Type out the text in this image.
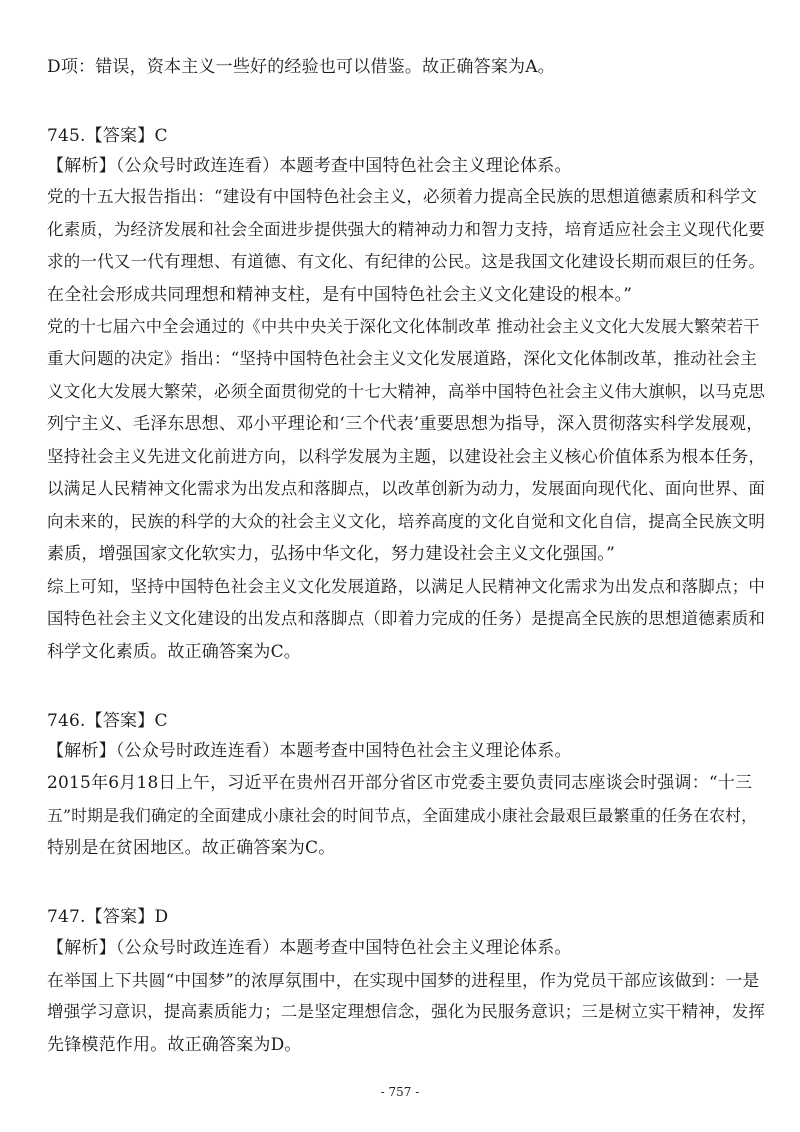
D项：错误，资本主义一些好的经验也可以借鉴。故正确答案为A。
745.【答案】C
【解析】（公众号时政连连看）本题考查中国特色社会主义理论体系。
党的十五大报告指出：“建设有中国特色社会主义，必须着力提高全民族的思想道德素质和科学文
化素质，为经济发展和社会全面进步提供强大的精神动力和智力支持，培育适应社会主义现代化要
求的一代又一代有理想、有道德、有文化、有纪律的公民。这是我国文化建设长期而艰巨的任务。
在全社会形成共同理想和精神支柱，是有中国特色社会主义文化建设的根本。”
党的十七届六中全会通过的《中共中央关于深化文化体制改革 推动社会主义文化大发展大繁荣若干
重大问题的决定》指出：“坚持中国特色社会主义文化发展道路，深化文化体制改革，推动社会主
义文化大发展大繁荣，必须全面贯彻党的十七大精神，高举中国特色社会主义伟大旗帜，以马克思
列宁主义、毛泽东思想、邓小平理论和‘三个代表’重要思想为指导，深入贯彻落实科学发展观，
坚持社会主义先进文化前进方向，以科学发展为主题，以建设社会主义核心价值体系为根本任务，
以满足人民精神文化需求为出发点和落脚点，以改革创新为动力，发展面向现代化、面向世界、面
向未来的，民族的科学的大众的社会主义文化，培养高度的文化自觉和文化自信，提高全民族文明
素质，增强国家文化软实力，弘扬中华文化，努力建设社会主义文化强国。”
综上可知，坚持中国特色社会主义文化发展道路，以满足人民精神文化需求为出发点和落脚点；中
国特色社会主义文化建设的出发点和落脚点（即着力完成的任务）是提高全民族的思想道德素质和
科学文化素质。故正确答案为C。
746.【答案】C
【解析】（公众号时政连连看）本题考查中国特色社会主义理论体系。
2015年6月18日上午，习近平在贵州召开部分省区市党委主要负责同志座谈会时强调：“十三
五”时期是我们确定的全面建成小康社会的时间节点，全面建成小康社会最艰巨最繁重的任务在农村，
特别是在贫困地区。故正确答案为C。
747.【答案】D
【解析】（公众号时政连连看）本题考查中国特色社会主义理论体系。
在举国上下共圆“中国梦”的浓厚氛围中，在实现中国梦的进程里，作为党员干部应该做到：一是
增强学习意识，提高素质能力；二是坚定理想信念，强化为民服务意识；三是树立实干精神，发挥
先锋模范作用。故正确答案为D。
- 757 -
